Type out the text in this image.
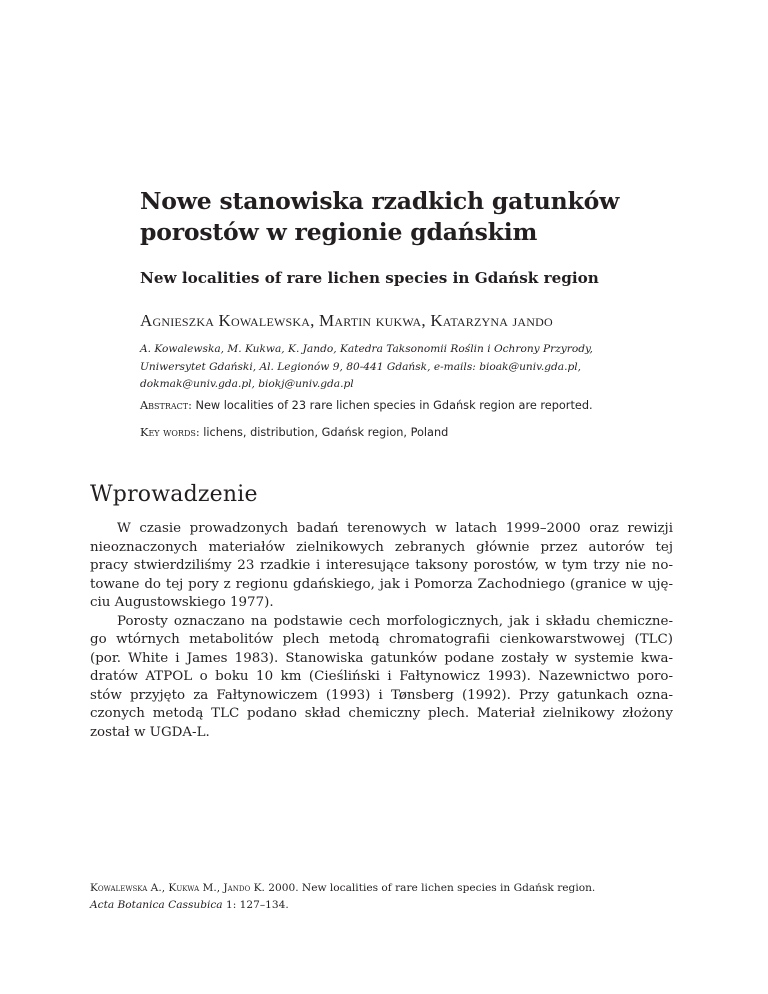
Nowe stanowiska rzadkich gatunków
porostów w regionie gdańskim
New localities of rare lichen species in Gdańsk region
Agnieszka Kowalewska, Martin kukwa, Katarzyna jando
A. Kowalewska, M. Kukwa, K. Jando, Katedra Taksonomii Roślin i Ochrony Przyrody,
Uniwersytet Gdański, Al. Legionów 9, 80-441 Gdańsk, e-mails: bioak@univ.gda.pl,
dokmak@univ.gda.pl, biokj@univ.gda.pl
Abstract: New localities of 23 rare lichen species in Gdańsk region are reported.
Key words: lichens, distribution, Gdańsk region, Poland
Wprowadzenie
W czasie prowadzonych badań terenowych w latach 1999–2000 oraz rewizji
nieoznaczonych materiałów zielnikowych zebranych głównie przez autorów tej
pracy stwierdziliśmy 23 rzadkie i interesujące taksony porostów, w tym trzy nie no-
towane do tej pory z regionu gdańskiego, jak i Pomorza Zachodniego (granice w uję-
ciu Augustowskiego 1977).
Porosty oznaczano na podstawie cech morfologicznych, jak i składu chemiczne-
go wtórnych metabolitów plech metodą chromatografii cienkowarstwowej (TLC)
(por. White i James 1983). Stanowiska gatunków podane zostały w systemie kwa-
dratów ATPOL o boku 10 km (Cieśliński i Fałtynowicz 1993). Nazewnictwo poro-
stów przyjęto za Fałtynowiczem (1993) i Tønsberg (1992). Przy gatunkach ozna-
czonych metodą TLC podano skład chemiczny plech. Materiał zielnikowy złożony
został w UGDA-L.
Kowalewska A., Kukwa M., Jando K. 2000. New localities of rare lichen species in Gdańsk region.
Acta Botanica Cassubica 1: 127–134.
